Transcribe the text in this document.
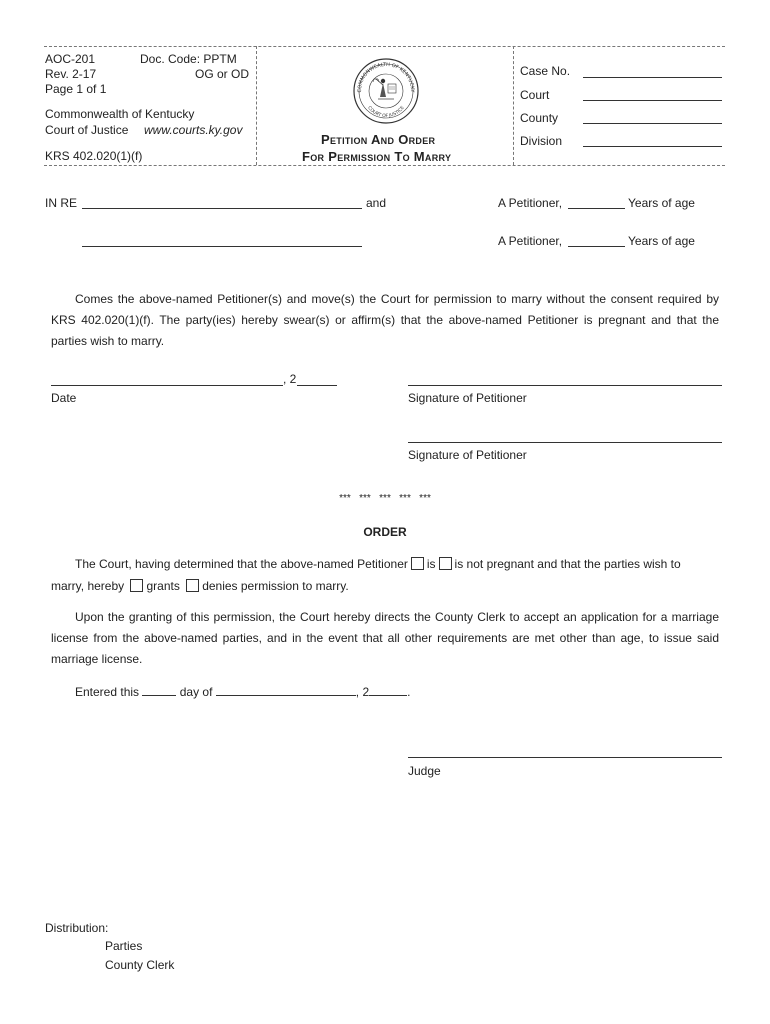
AOC-201	Doc. Code: PPTM
Rev. 2-17	OG or OD
Page 1 of 1
Commonwealth of Kentucky
Court of Justice www.courts.ky.gov
KRS 402.020(1)(f)
COMMONWEALTH OF KENTUCKY
COURT OF JUSTICE
Petition And Order
For Permission To Marry
Case No.
Court
County
Division
IN RE	and	A Petitioner,	Years of age
A Petitioner,	Years of age
Comes the above-named Petitioner(s) and move(s) the Court for permission to marry without the consent required by KRS 402.020(1)(f). The party(ies) hereby swear(s) or affirm(s) that the above-named Petitioner is pregnant and that the parties wish to marry.
, 2
Date	Signature of Petitioner
Signature of Petitioner
***   ***   ***   ***   ***
ORDER
The Court, having determined that the above-named Petitioner is is not pregnant and that the parties wish to
marry, hereby grants denies permission to marry.
Upon the granting of this permission, the Court hereby directs the County Clerk to accept an application for a marriage license from the above-named parties, and in the event that all other requirements are met other than age, to issue said marriage license.
Entered this	day of	, 2	.
Judge
Distribution:
Parties
County Clerk
